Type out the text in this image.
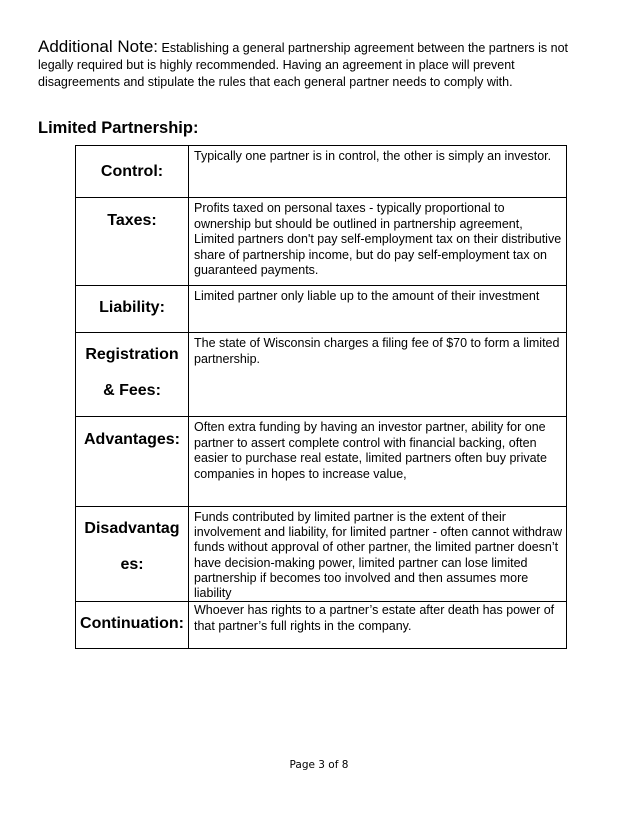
Additional Note: Establishing a general partnership agreement between the partners is not legally required but is highly recommended. Having an agreement in place will prevent disagreements and stipulate the rules that each general partner needs to comply with.
Limited Partnership:
Control:	Typically one partner is in control, the other is simply an investor.

Taxes:	Profits taxed on personal taxes - typically proportional to ownership but should be outlined in partnership agreement, Limited partners don't pay self-employment tax on their distributive share of partnership income, but do pay self-employment tax on guaranteed payments.

Liability:	Limited partner only liable up to the amount of their investment

Registration
& Fees:	The state of Wisconsin charges a filing fee of $70 to form a limited partnership.

Advantages:	Often extra funding by having an investor partner, ability for one partner to assert complete control with financial backing, often easier to purchase real estate, limited partners often buy private companies in hopes to increase value,

Disadvantag
es:	Funds contributed by limited partner is the extent of their involvement and liability, for limited partner - often cannot withdraw funds without approval of other partner, the limited partner doesn’t have decision-making power, limited partner can lose limited partnership if becomes too involved and then assumes more liability

Continuation:	Whoever has rights to a partner’s estate after death has power of that partner’s full rights in the company.
Page 3 of 8
